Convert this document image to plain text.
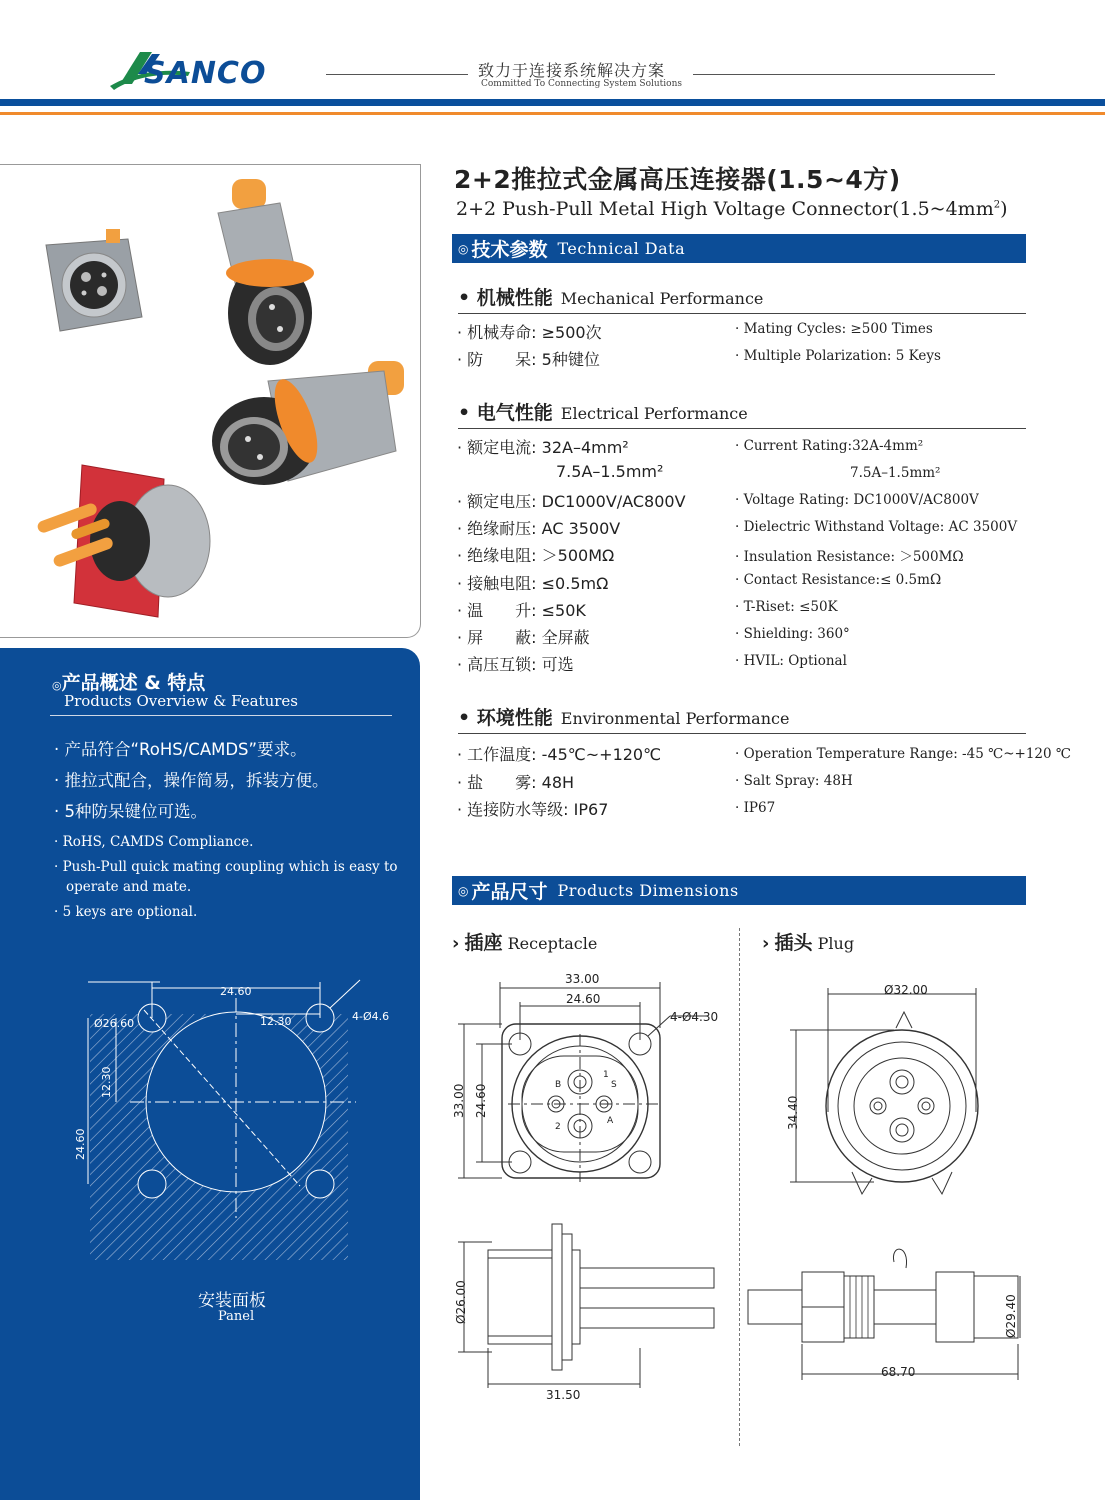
SANCO	致力于连接系统解决方案
Committed To Connecting System Solutions
2+2推拉式金属高压连接器(1.5~4方)
2+2 Push-Pull Metal High Voltage $Connector(1.5\sim 4mm^2)$
◎ 技术参数 Technical Data
• 机械性能 Mechanical Performance
· 机械寿命: ≥500次	· Mating Cycles: ≥500 Times
· 防　　呆: 5种键位	· Multiple Polarization: 5 Keys
• 电气性能 Electrical Performance
· 额定电流: 32A–4mm²	· Current Rating:32A-4mm²
7.5A–1.5mm²	7.5A–1.5mm²
· 额定电压: DC1000V/AC800V	· Voltage Rating: DC1000V/AC800V
· 绝缘耐压: AC 3500V	· Dielectric Withstand Voltage: AC 3500V
· 绝缘电阻: ＞500MΩ	· Insulation Resistance: ＞500MΩ
· 接触电阻: ≤0.5mΩ	· Contact Resistance:≤ 0.5mΩ
· 温　　升: ≤50K	· T-Riset: ≤50K
· 屏　　蔽: 全屏蔽	· Shielding: 360°
· 高压互锁: 可选	· HVIL: Optional
• 环境性能 Environmental Performance
· 工作温度: -45℃~+120℃	· Operation Temperature Range: -45 ℃~+120 ℃
· 盐　　雾: 48H	· Salt Spray: 48H
· 连接防水等级: IP67	· IP67
◎产品概述 & 特点
Products Overview & Features
· 产品符合“RoHS/CAMDS”要求。
· 推拉式配合，操作简易，拆装方便。
· 5种防呆键位可选。
· RoHS, CAMDS Compliance.
· Push-Pull quick mating coupling which is easy to
operate and mate.
· 5 keys are optional.
24.60
Ø26.60	12.30	4-Ø4.6
12.30
24.60
安装面板
Panel
◎ 产品尺寸 Products Dimensions
› 插座 Receptacle	› 插头 Plug
33.00
24.60
4-Ø4.30
33.00 24.60
Ø26.00
31.50
1
S
B
2
A
Ø32.00
34.40
Ø29.40
68.70
